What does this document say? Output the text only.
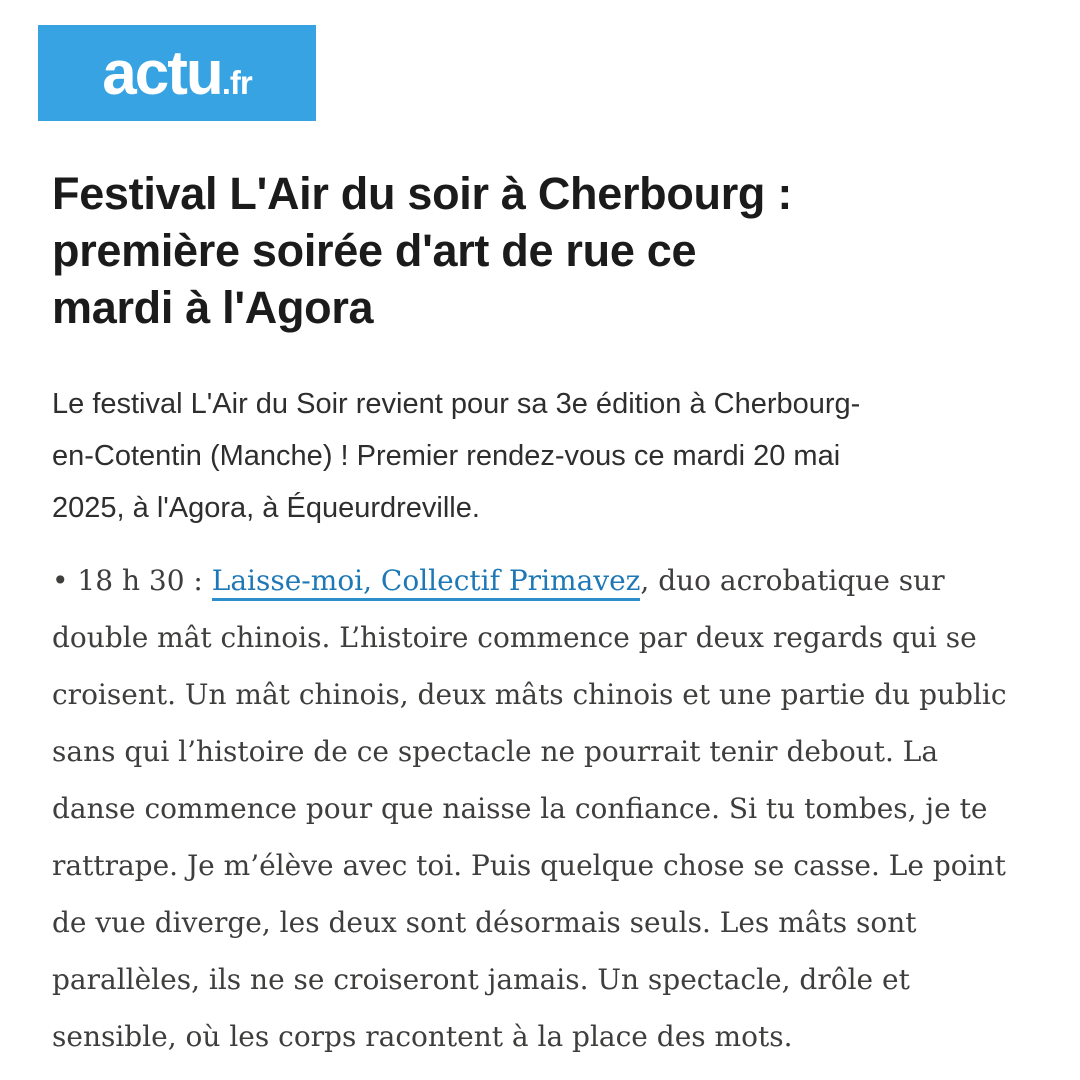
actu .fr
Festival L'Air du soir à Cherbourg :
première soirée d'art de rue ce
mardi à l'Agora

Le festival L'Air du Soir revient pour sa 3e édition à Cherbourg-
en-Cotentin (Manche) ! Premier rendez-vous ce mardi 20 mai
2025, à l'Agora, à Équeurdreville.

• 18 h 30 : Laisse-moi, Collectif Primavez, duo acrobatique sur
double mât chinois. L’histoire commence par deux regards qui se
croisent. Un mât chinois, deux mâts chinois et une partie du public
sans qui l’histoire de ce spectacle ne pourrait tenir debout. La
danse commence pour que naisse la confiance. Si tu tombes, je te
rattrape. Je m’élève avec toi. Puis quelque chose se casse. Le point
de vue diverge, les deux sont désormais seuls. Les mâts sont
parallèles, ils ne se croiseront jamais. Un spectacle, drôle et
sensible, où les corps racontent à la place des mots.
